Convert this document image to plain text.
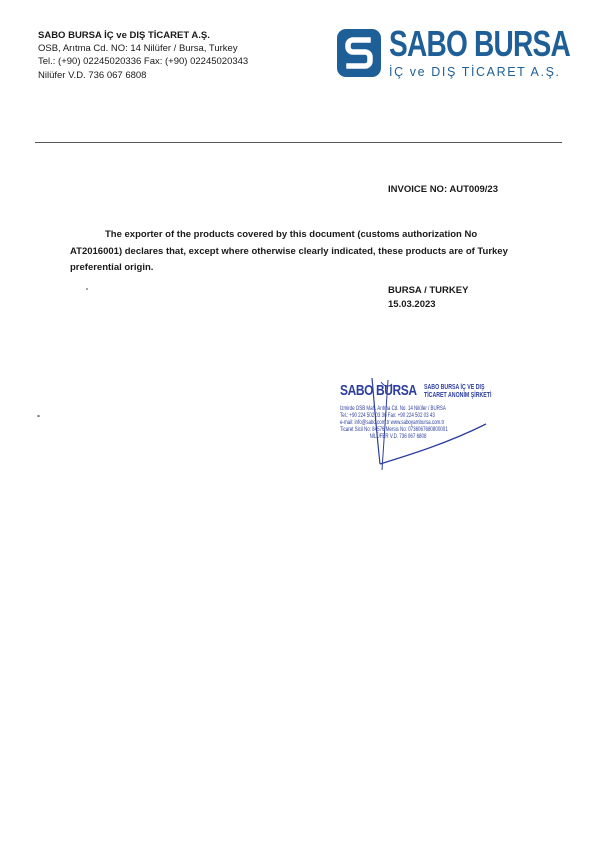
SABO BURSA İÇ ve DIŞ TİCARET A.Ş.
OSB, Arıtma Cd. NO: 14 Nilüfer / Bursa, Turkey
Tel.: (+90) 02245020336 Fax: (+90) 02245020343
Nilüfer V.D. 736 067 6808
SABO BURSA
İÇ ve DIŞ TİCARET A.Ş.
INVOICE NO: AUT009/23
The exporter of the products covered by this document (customs authorization No
AT2016001) declares that, except where otherwise clearly indicated, these products are of Turkey preferential origin.
BURSA / TURKEY
15.03.2023
SABO BURSA SABO BURSA İÇ VE DIŞ
TİCARET ANONİM ŞİRKETİ
İzmirde OSB Mah. Arıtma Cd. No: 14 Nilüfer / BURSA
Tel.: +90 224 502 03 36 Fax: +90 224 502 03 43
e-mail: info@sabo.com.tr www.saboyarnbursa.com.tr
Ticaret Sicil No: 84576 Mersis No: 0736067680800001
NİLÜFER V.D. 736 067 6808
